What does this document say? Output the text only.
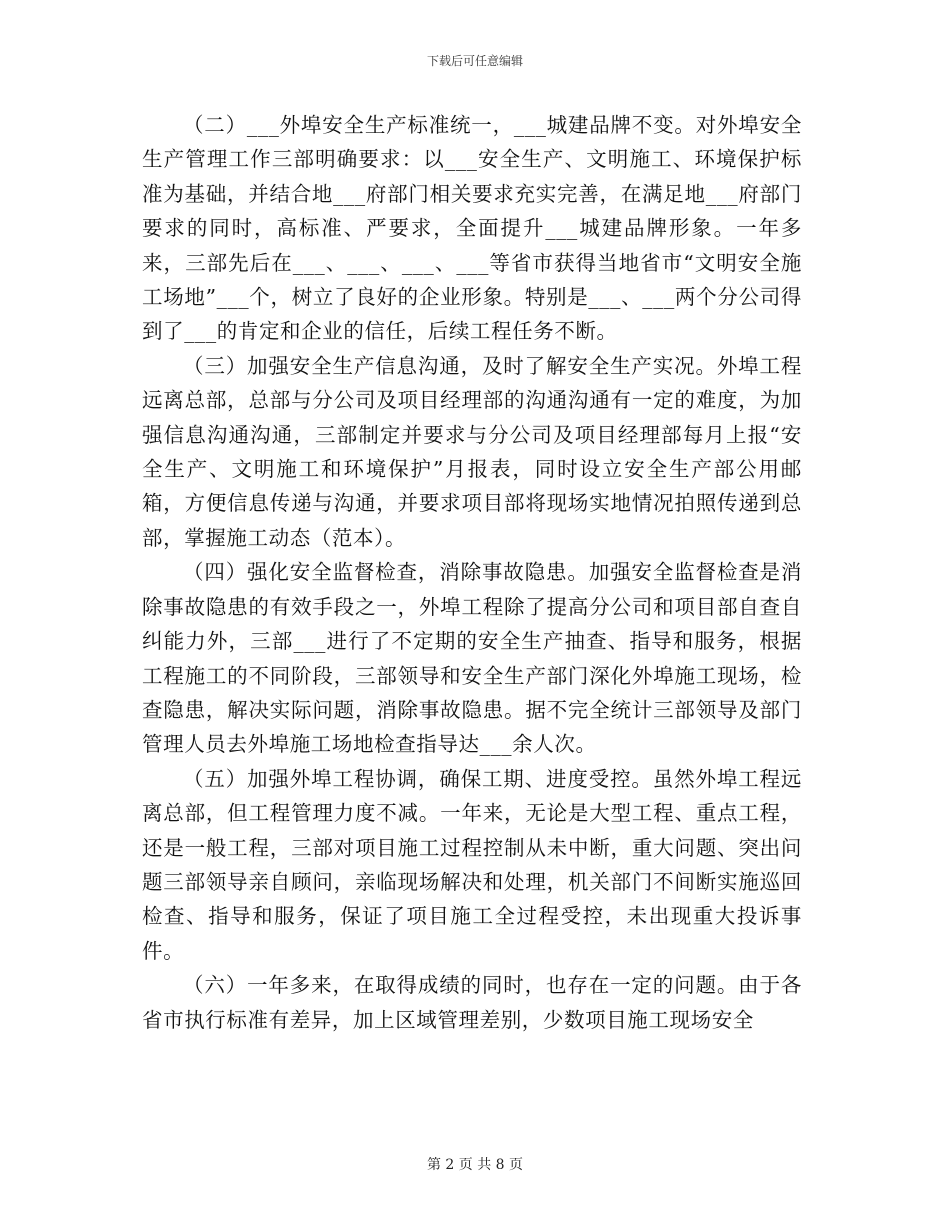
下载后可任意编辑

（二）___外埠安全生产标准统一，___城建品牌不变。对外埠安全生产管理工作三部明确要求：以___安全生产、文明施工、环境保护标准为基础，并结合地___府部门相关要求充实完善，在满足地___府部门要求的同时，高标准、严要求，全面提升___城建品牌形象。一年多来，三部先后在___、___、___、___等省市获得当地省市“文明安全施工场地”___个，树立了良好的企业形象。特别是___、___两个分公司得到了___的肯定和企业的信任，后续工程任务不断。

（三）加强安全生产信息沟通，及时了解安全生产实况。外埠工程远离总部，总部与分公司及项目经理部的沟通沟通有一定的难度，为加强信息沟通沟通，三部制定并要求与分公司及项目经理部每月上报“安全生产、文明施工和环境保护”月报表，同时设立安全生产部公用邮箱，方便信息传递与沟通，并要求项目部将现场实地情况拍照传递到总部，掌握施工动态（范本）。

（四）强化安全监督检查，消除事故隐患。加强安全监督检查是消除事故隐患的有效手段之一，外埠工程除了提高分公司和项目部自查自纠能力外，三部___进行了不定期的安全生产抽查、指导和服务，根据工程施工的不同阶段，三部领导和安全生产部门深化外埠施工现场，检查隐患，解决实际问题，消除事故隐患。据不完全统计三部领导及部门管理人员去外埠施工场地检查指导达___余人次。

（五）加强外埠工程协调，确保工期、进度受控。虽然外埠工程远离总部，但工程管理力度不减。一年来，无论是大型工程、重点工程，还是一般工程，三部对项目施工过程控制从未中断，重大问题、突出问题三部领导亲自顾问，亲临现场解决和处理，机关部门不间断实施巡回检查、指导和服务，保证了项目施工全过程受控，未出现重大投诉事件。

（六）一年多来，在取得成绩的同时，也存在一定的问题。由于各省市执行标准有差异，加上区域管理差别，少数项目施工现场安全

第 2 页 共 8 页
